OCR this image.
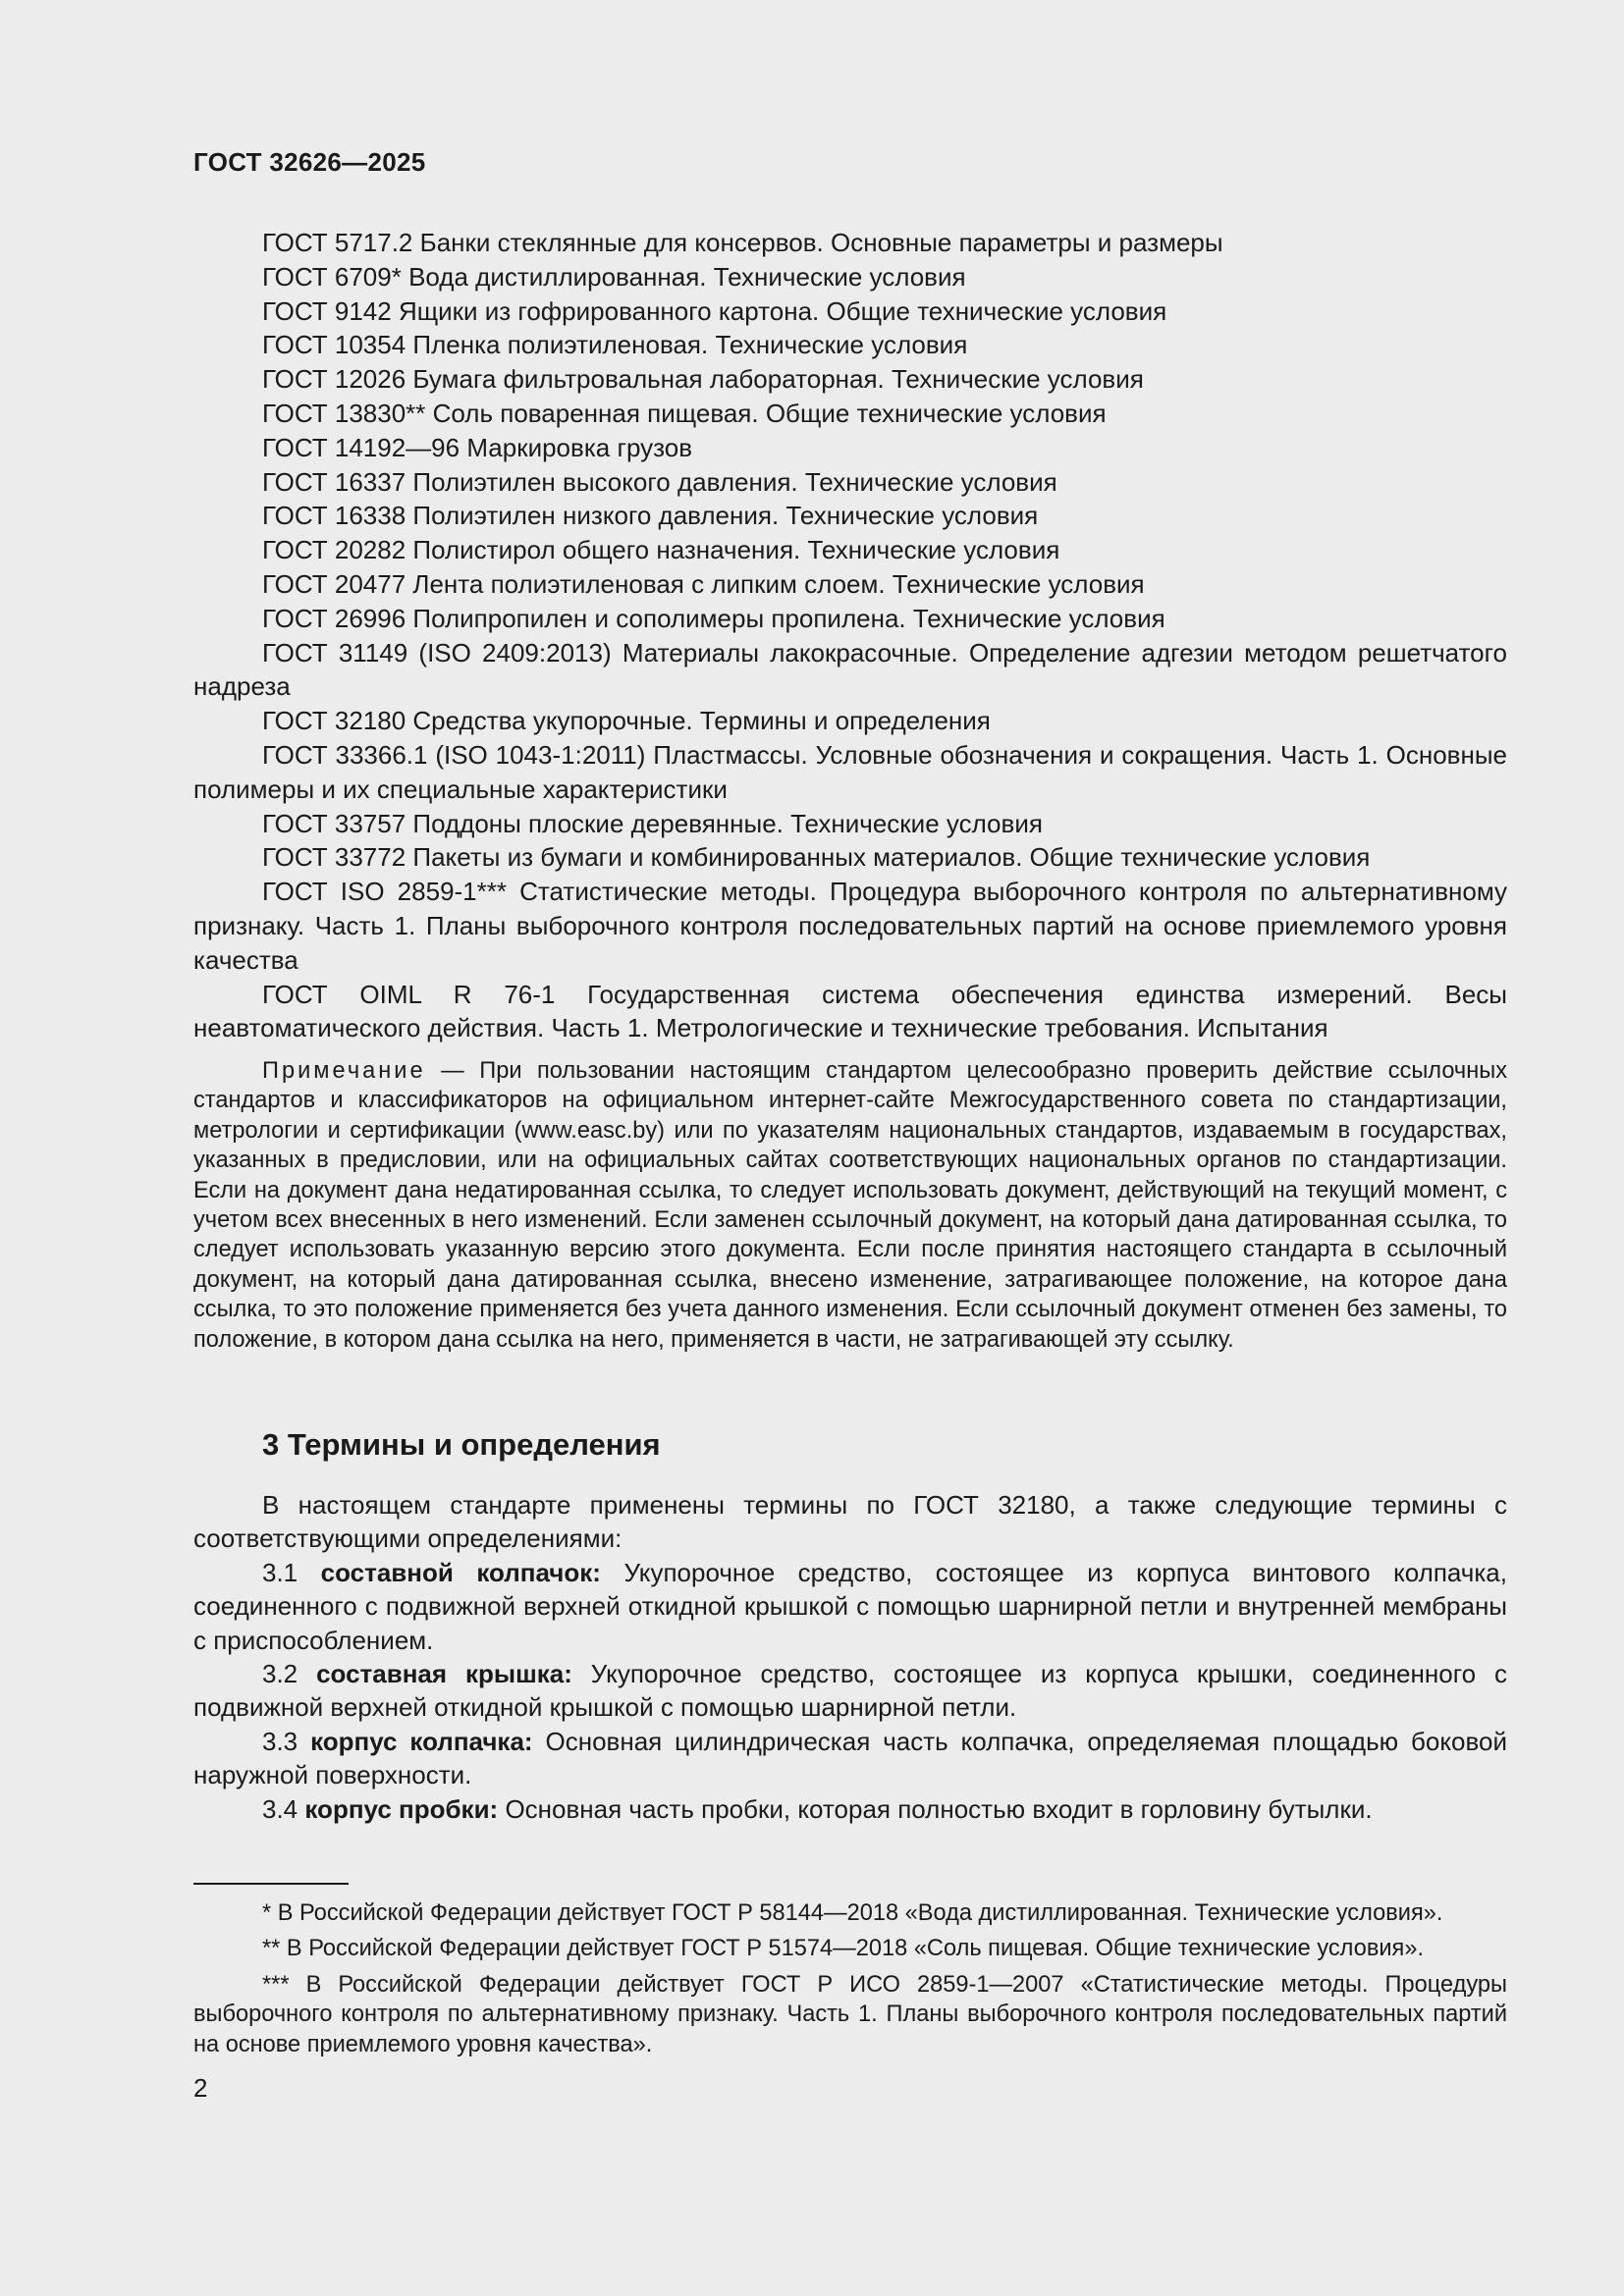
ГОСТ 32626—2025

ГОСТ 5717.2 Банки стеклянные для консервов. Основные параметры и размеры

ГОСТ 6709* Вода дистиллированная. Технические условия

ГОСТ 9142 Ящики из гофрированного картона. Общие технические условия

ГОСТ 10354 Пленка полиэтиленовая. Технические условия

ГОСТ 12026 Бумага фильтровальная лабораторная. Технические условия

ГОСТ 13830** Соль поваренная пищевая. Общие технические условия

ГОСТ 14192—96 Маркировка грузов

ГОСТ 16337 Полиэтилен высокого давления. Технические условия

ГОСТ 16338 Полиэтилен низкого давления. Технические условия

ГОСТ 20282 Полистирол общего назначения. Технические условия

ГОСТ 20477 Лента полиэтиленовая с липким слоем. Технические условия

ГОСТ 26996 Полипропилен и сополимеры пропилена. Технические условия

ГОСТ 31149 (ISO 2409:2013) Материалы лакокрасочные. Определение адгезии методом решетчатого надреза

ГОСТ 32180 Средства укупорочные. Термины и определения

ГОСТ 33366.1 (ISO 1043-1:2011) Пластмассы. Условные обозначения и сокращения. Часть 1. Основные полимеры и их специальные характеристики

ГОСТ 33757 Поддоны плоские деревянные. Технические условия

ГОСТ 33772 Пакеты из бумаги и комбинированных материалов. Общие технические условия

ГОСТ ISO 2859-1*** Статистические методы. Процедура выборочного контроля по альтернативному признаку. Часть 1. Планы выборочного контроля последовательных партий на основе приемлемого уровня качества

ГОСТ OIML R 76-1 Государственная система обеспечения единства измерений. Весы неавтоматического действия. Часть 1. Метрологические и технические требования. Испытания

Примечание — При пользовании настоящим стандартом целесообразно проверить действие ссылочных стандартов и классификаторов на официальном интернет-сайте Межгосударственного совета по стандартизации, метрологии и сертификации (www.easc.by) или по указателям национальных стандартов, издаваемым в государствах, указанных в предисловии, или на официальных сайтах соответствующих национальных органов по стандартизации. Если на документ дана недатированная ссылка, то следует использовать документ, действующий на текущий момент, с учетом всех внесенных в него изменений. Если заменен ссылочный документ, на который дана датированная ссылка, то следует использовать указанную версию этого документа. Если после принятия настоящего стандарта в ссылочный документ, на который дана датированная ссылка, внесено изменение, затрагивающее положение, на которое дана ссылка, то это положение применяется без учета данного изменения. Если ссылочный документ отменен без замены, то положение, в котором дана ссылка на него, применяется в части, не затрагивающей эту ссылку.

3 Термины и определения

В настоящем стандарте применены термины по ГОСТ 32180, а также следующие термины с соответствующими определениями:

3.1 составной колпачок: Укупорочное средство, состоящее из корпуса винтового колпачка, соединенного с подвижной верхней откидной крышкой с помощью шарнирной петли и внутренней мембраны с приспособлением.

3.2 составная крышка: Укупорочное средство, состоящее из корпуса крышки, соединенного с подвижной верхней откидной крышкой с помощью шарнирной петли.

3.3 корпус колпачка: Основная цилиндрическая часть колпачка, определяемая площадью боковой наружной поверхности.

3.4 корпус пробки: Основная часть пробки, которая полностью входит в горловину бутылки.

* В Российской Федерации действует ГОСТ Р 58144—2018 «Вода дистиллированная. Технические условия».

** В Российской Федерации действует ГОСТ Р 51574—2018 «Соль пищевая. Общие технические условия».

*** В Российской Федерации действует ГОСТ Р ИСО 2859-1—2007 «Статистические методы. Процедуры выборочного контроля по альтернативному признаку. Часть 1. Планы выборочного контроля последовательных партий на основе приемлемого уровня качества».

2
